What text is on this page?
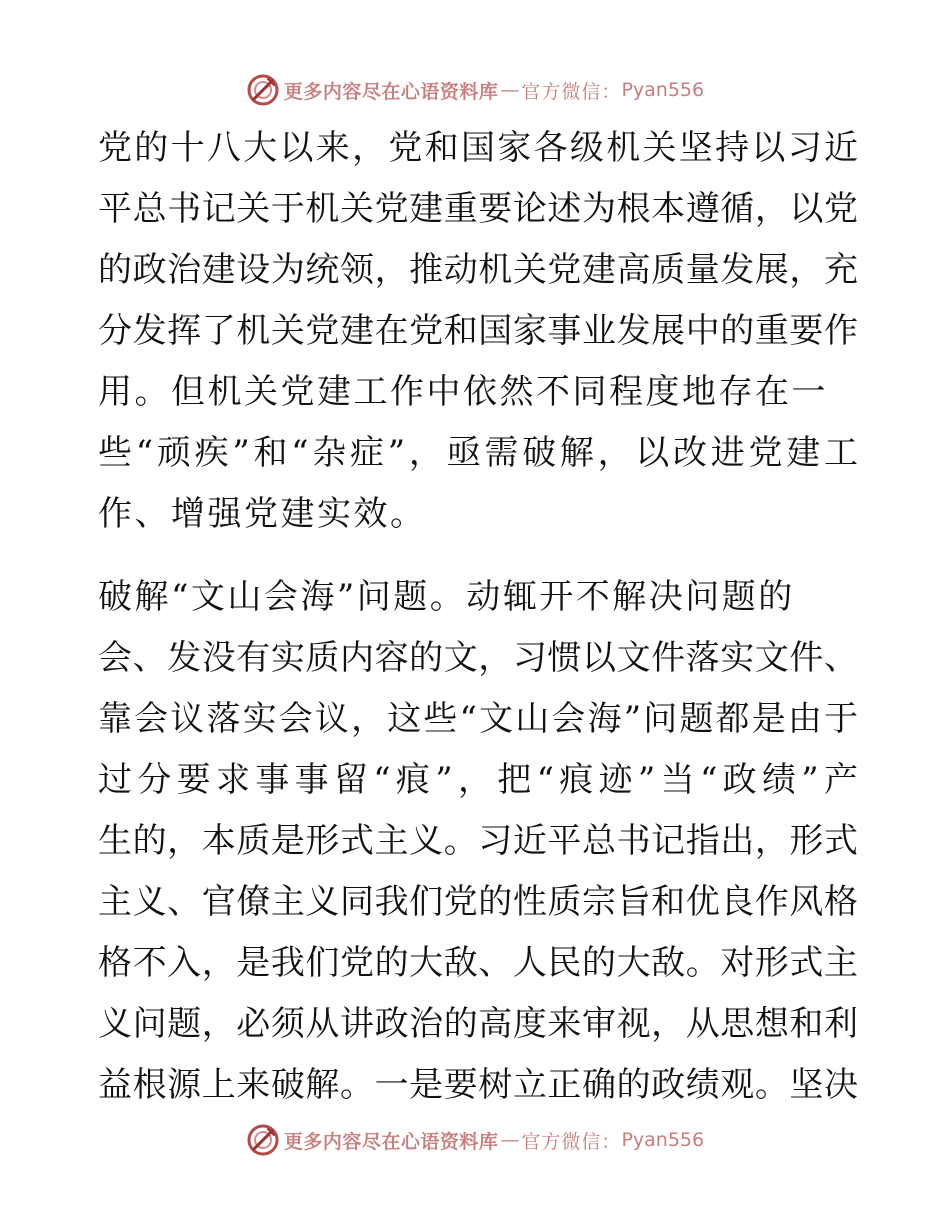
更多内容尽在心语资料库 — 官方微信： Pyan556
党的十八大以来，党和国家各级机关坚持以习近
平总书记关于机关党建重要论述为根本遵循，以党
的政治建设为统领，推动机关党建高质量发展，充
分发挥了机关党建在党和国家事业发展中的重要作
用。但机关党建工作中依然不同程度地存在一
些“顽疾”和“杂症”，亟需破解，以改进党建工
作、增强党建实效。
破解“文山会海”问题。动辄开不解决问题的
会、发没有实质内容的文，习惯以文件落实文件、
靠会议落实会议，这些“文山会海”问题都是由于
过分要求事事留“痕”，把“痕迹”当“政绩”产
生的，本质是形式主义。习近平总书记指出，形式
主义、官僚主义同我们党的性质宗旨和优良作风格
格不入，是我们党的大敌、人民的大敌。对形式主
义问题，必须从讲政治的高度来审视，从思想和利
益根源上来破解。一是要树立正确的政绩观。坚决
更多内容尽在心语资料库 — 官方微信： Pyan556
